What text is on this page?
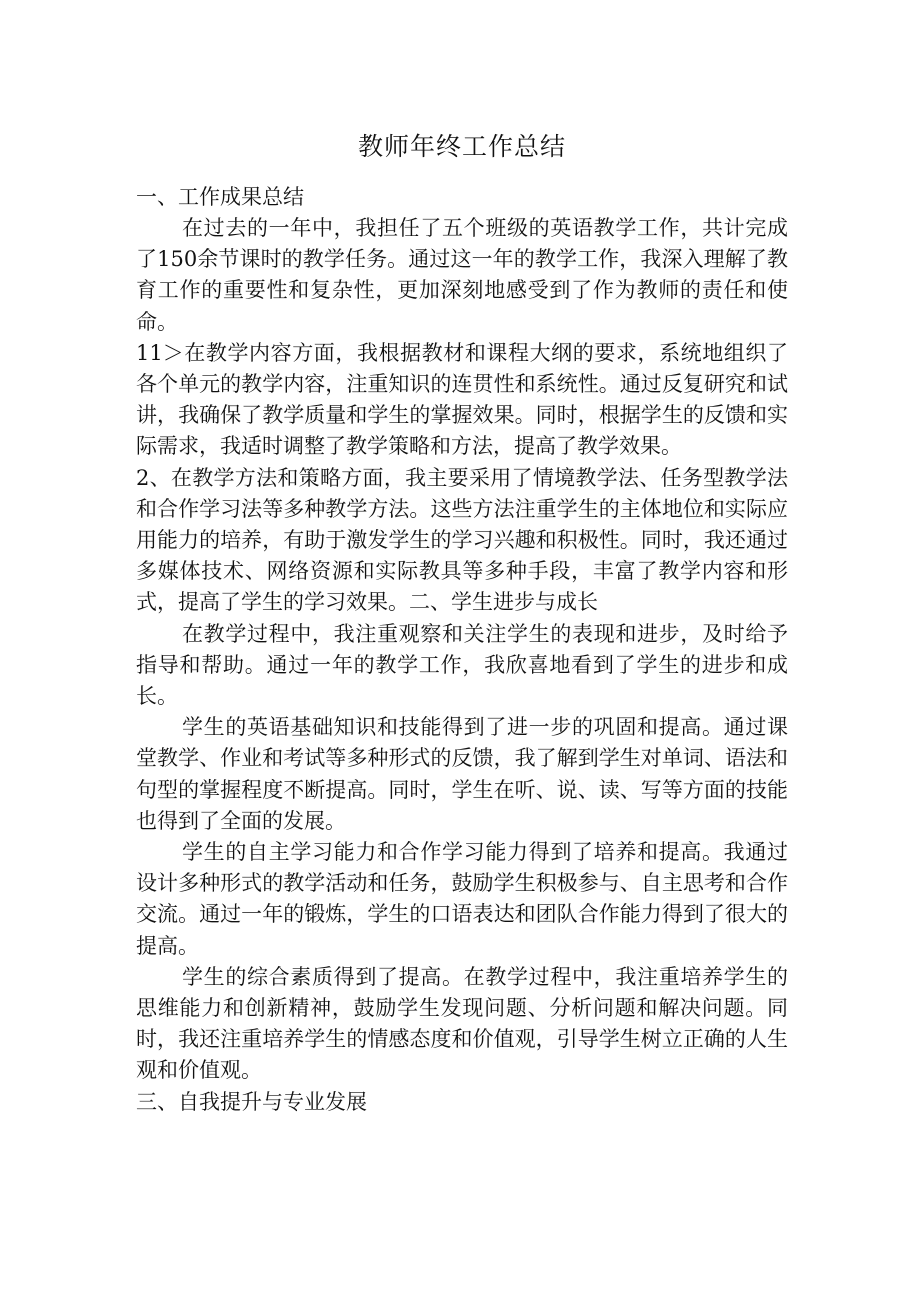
教师年终工作总结

一、工作成果总结

在过去的一年中，我担任了五个班级的英语教学工作，共计完成了150余节课时的教学任务。通过这一年的教学工作，我深入理解了教育工作的重要性和复杂性，更加深刻地感受到了作为教师的责任和使命。

11＞在教学内容方面，我根据教材和课程大纲的要求，系统地组织了各个单元的教学内容，注重知识的连贯性和系统性。通过反复研究和试讲，我确保了教学质量和学生的掌握效果。同时，根据学生的反馈和实际需求，我适时调整了教学策略和方法，提高了教学效果。

2、在教学方法和策略方面，我主要采用了情境教学法、任务型教学法和合作学习法等多种教学方法。这些方法注重学生的主体地位和实际应用能力的培养，有助于激发学生的学习兴趣和积极性。同时，我还通过多媒体技术、网络资源和实际教具等多种手段，丰富了教学内容和形式，提高了学生的学习效果。二、学生进步与成长

在教学过程中，我注重观察和关注学生的表现和进步，及时给予指导和帮助。通过一年的教学工作，我欣喜地看到了学生的进步和成长。

学生的英语基础知识和技能得到了进一步的巩固和提高。通过课堂教学、作业和考试等多种形式的反馈，我了解到学生对单词、语法和句型的掌握程度不断提高。同时，学生在听、说、读、写等方面的技能也得到了全面的发展。

学生的自主学习能力和合作学习能力得到了培养和提高。我通过设计多种形式的教学活动和任务，鼓励学生积极参与、自主思考和合作交流。通过一年的锻炼，学生的口语表达和团队合作能力得到了很大的提高。

学生的综合素质得到了提高。在教学过程中，我注重培养学生的思维能力和创新精神，鼓励学生发现问题、分析问题和解决问题。同时，我还注重培养学生的情感态度和价值观，引导学生树立正确的人生观和价值观。

三、自我提升与专业发展
